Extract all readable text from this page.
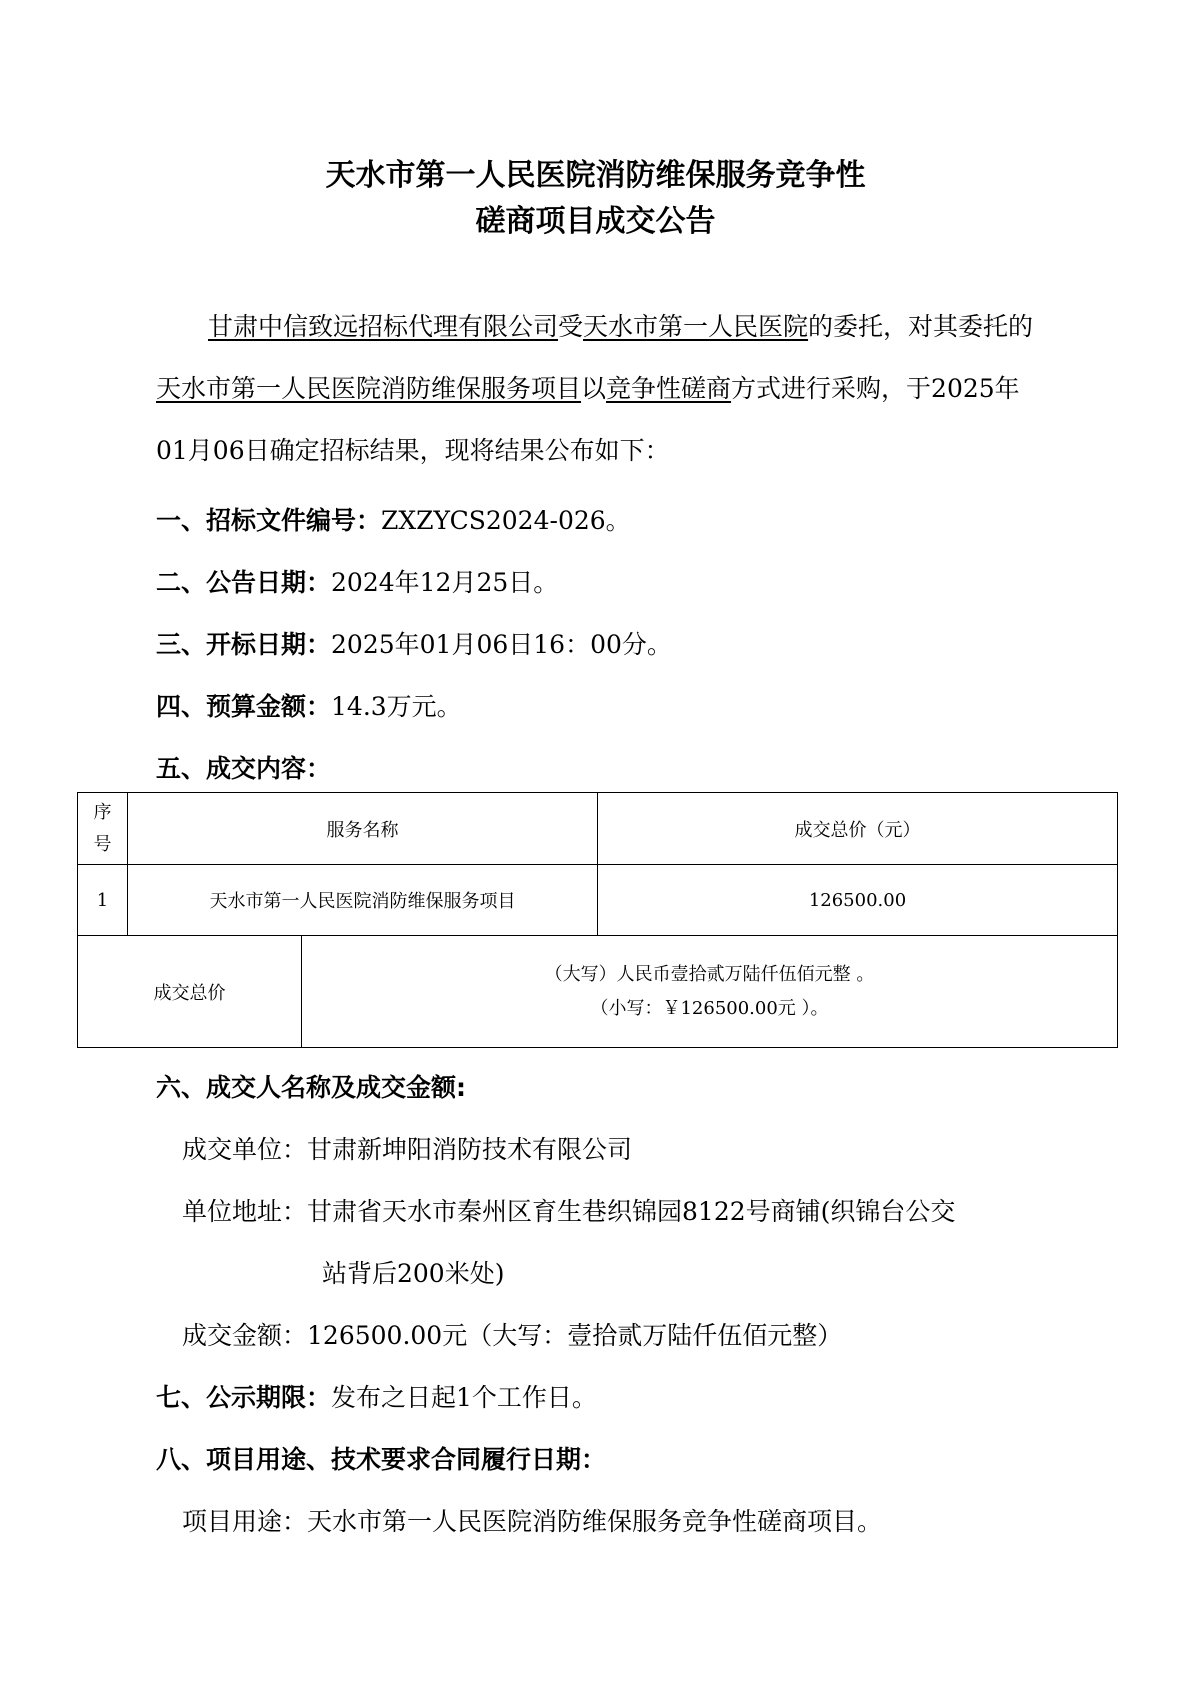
天水市第一人民医院消防维保服务竞争性
磋商项目成交公告

甘肃中信致远招标代理有限公司受天水市第一人民医院的委托，对其委托的天水市第一人民医院消防维保服务项目以竞争性磋商方式进行采购，于2025年01月06日确定招标结果，现将结果公布如下：

一、招标文件编号：ZXZYCS2024-026。
二、公告日期：2024年12月25日。
三、开标日期：2025年01月06日16：00分。
四、预算金额：14.3万元。
五、成交内容：
序号	服务名称		成交总价（元）
1	天水市第一人民医院消防维保服务项目		126500.00
成交总价		（大写）人民币壹拾贰万陆仟伍佰元整 。
（小写：￥126500.00元 ）。	
六、成交人名称及成交金额:
成交单位：甘肃新坤阳消防技术有限公司
单位地址：甘肃省天水市秦州区育生巷织锦园8122号商铺(织锦台公交
站背后200米处)
成交金额：126500.00元（大写：壹拾贰万陆仟伍佰元整）
七、公示期限：发布之日起1个工作日。
八、项目用途、技术要求合同履行日期：
项目用途：天水市第一人民医院消防维保服务竞争性磋商项目。
